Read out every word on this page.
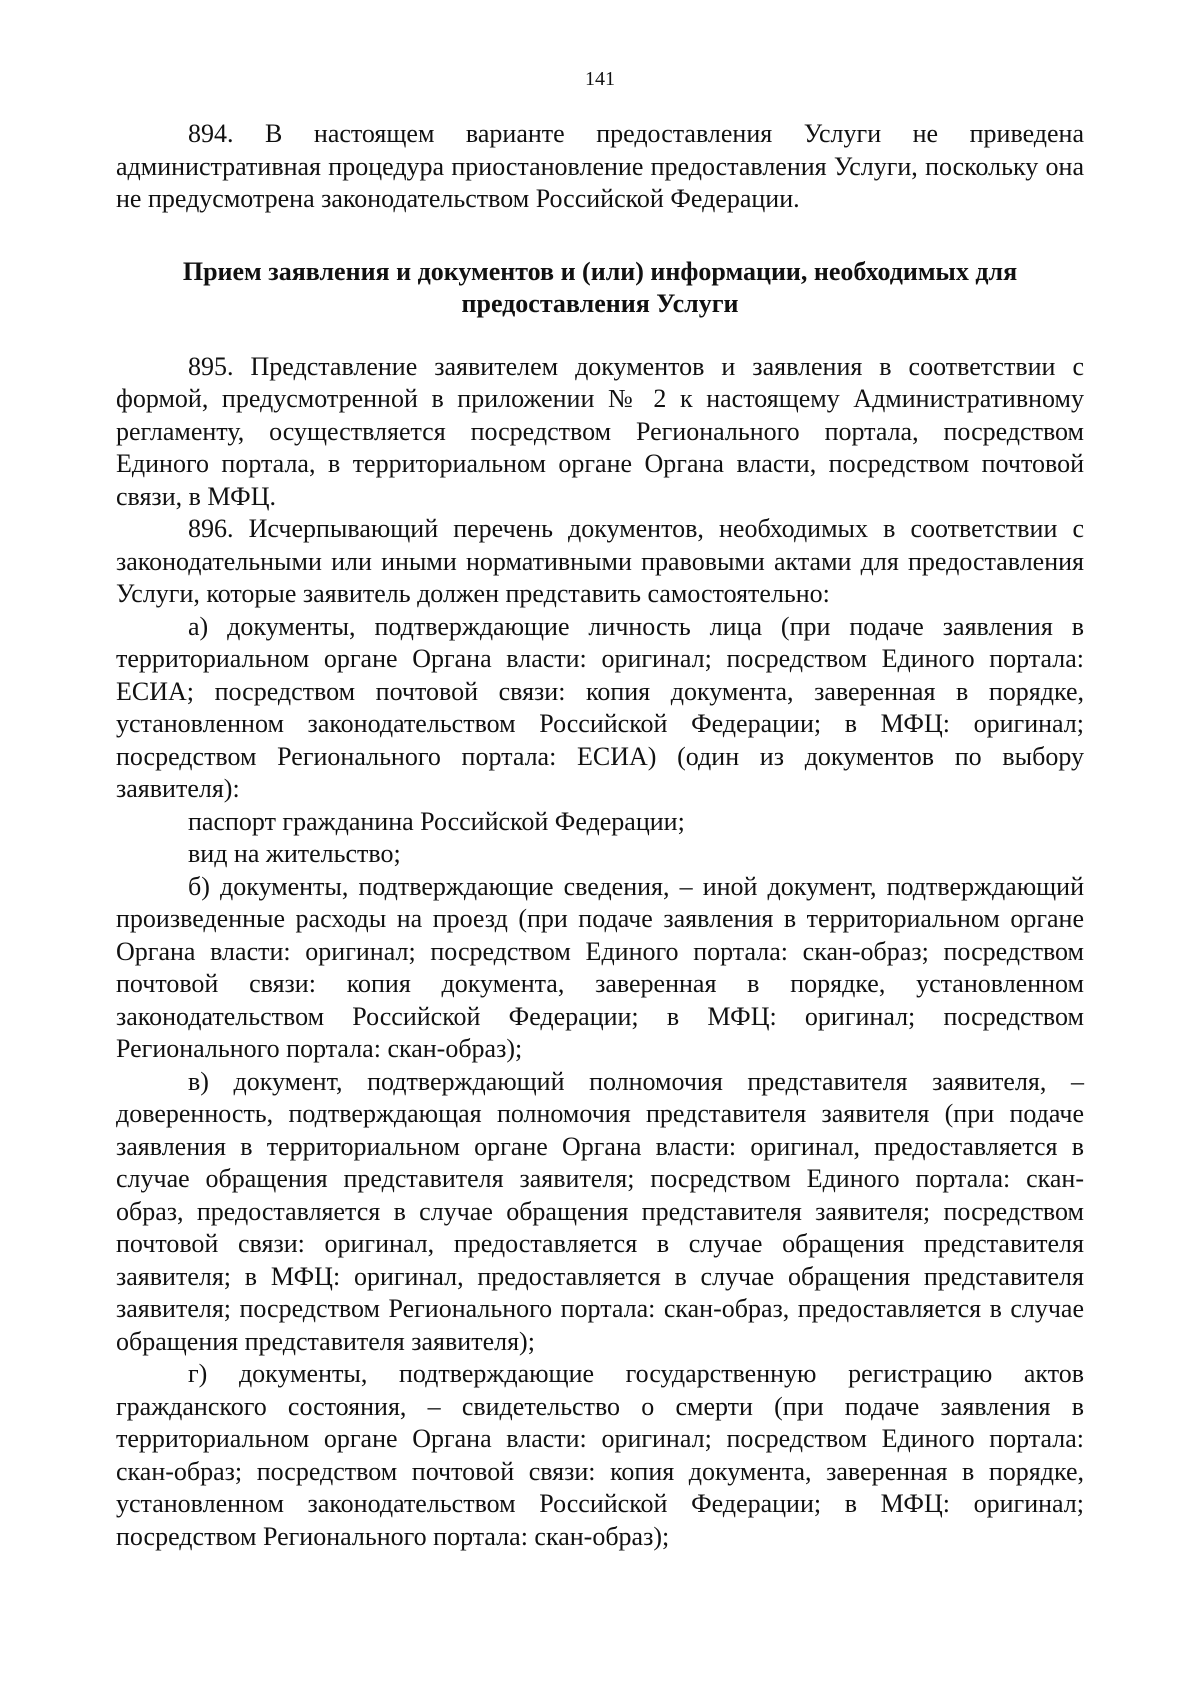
141

894. В настоящем варианте предоставления Услуги не приведена административная процедура приостановление предоставления Услуги, поскольку она не предусмотрена законодательством Российской Федерации.

Прием заявления и документов и (или) информации, необходимых для предоставления Услуги

895. Представление заявителем документов и заявления в соответствии с формой, предусмотренной в приложении № 2 к настоящему Административному регламенту, осуществляется посредством Регионального портала, посредством Единого портала, в территориальном органе Органа власти, посредством почтовой связи, в МФЦ.

896. Исчерпывающий перечень документов, необходимых в соответствии с законодательными или иными нормативными правовыми актами для предоставления Услуги, которые заявитель должен представить самостоятельно:

а) документы, подтверждающие личность лица (при подаче заявления в территориальном органе Органа власти: оригинал; посредством Единого портала: ЕСИА; посредством почтовой связи: копия документа, заверенная в порядке, установленном законодательством Российской Федерации; в МФЦ: оригинал; посредством Регионального портала: ЕСИА) (один из документов по выбору заявителя):

паспорт гражданина Российской Федерации;

вид на жительство;

б) документы, подтверждающие сведения, – иной документ, подтверждающий произведенные расходы на проезд (при подаче заявления в территориальном органе Органа власти: оригинал; посредством Единого портала: скан-образ; посредством почтовой связи: копия документа, заверенная в порядке, установленном законодательством Российской Федерации; в МФЦ: оригинал; посредством Регионального портала: скан-образ);

в) документ, подтверждающий полномочия представителя заявителя, – доверенность, подтверждающая полномочия представителя заявителя (при подаче заявления в территориальном органе Органа власти: оригинал, предоставляется в случае обращения представителя заявителя; посредством Единого портала: скан-образ, предоставляется в случае обращения представителя заявителя; посредством почтовой связи: оригинал, предоставляется в случае обращения представителя заявителя; в МФЦ: оригинал, предоставляется в случае обращения представителя заявителя; посредством Регионального портала: скан-образ, предоставляется в случае обращения представителя заявителя);

г) документы, подтверждающие государственную регистрацию актов гражданского состояния, – свидетельство о смерти (при подаче заявления в территориальном органе Органа власти: оригинал; посредством Единого портала: скан-образ; посредством почтовой связи: копия документа, заверенная в порядке, установленном законодательством Российской Федерации; в МФЦ: оригинал; посредством Регионального портала: скан-образ);
